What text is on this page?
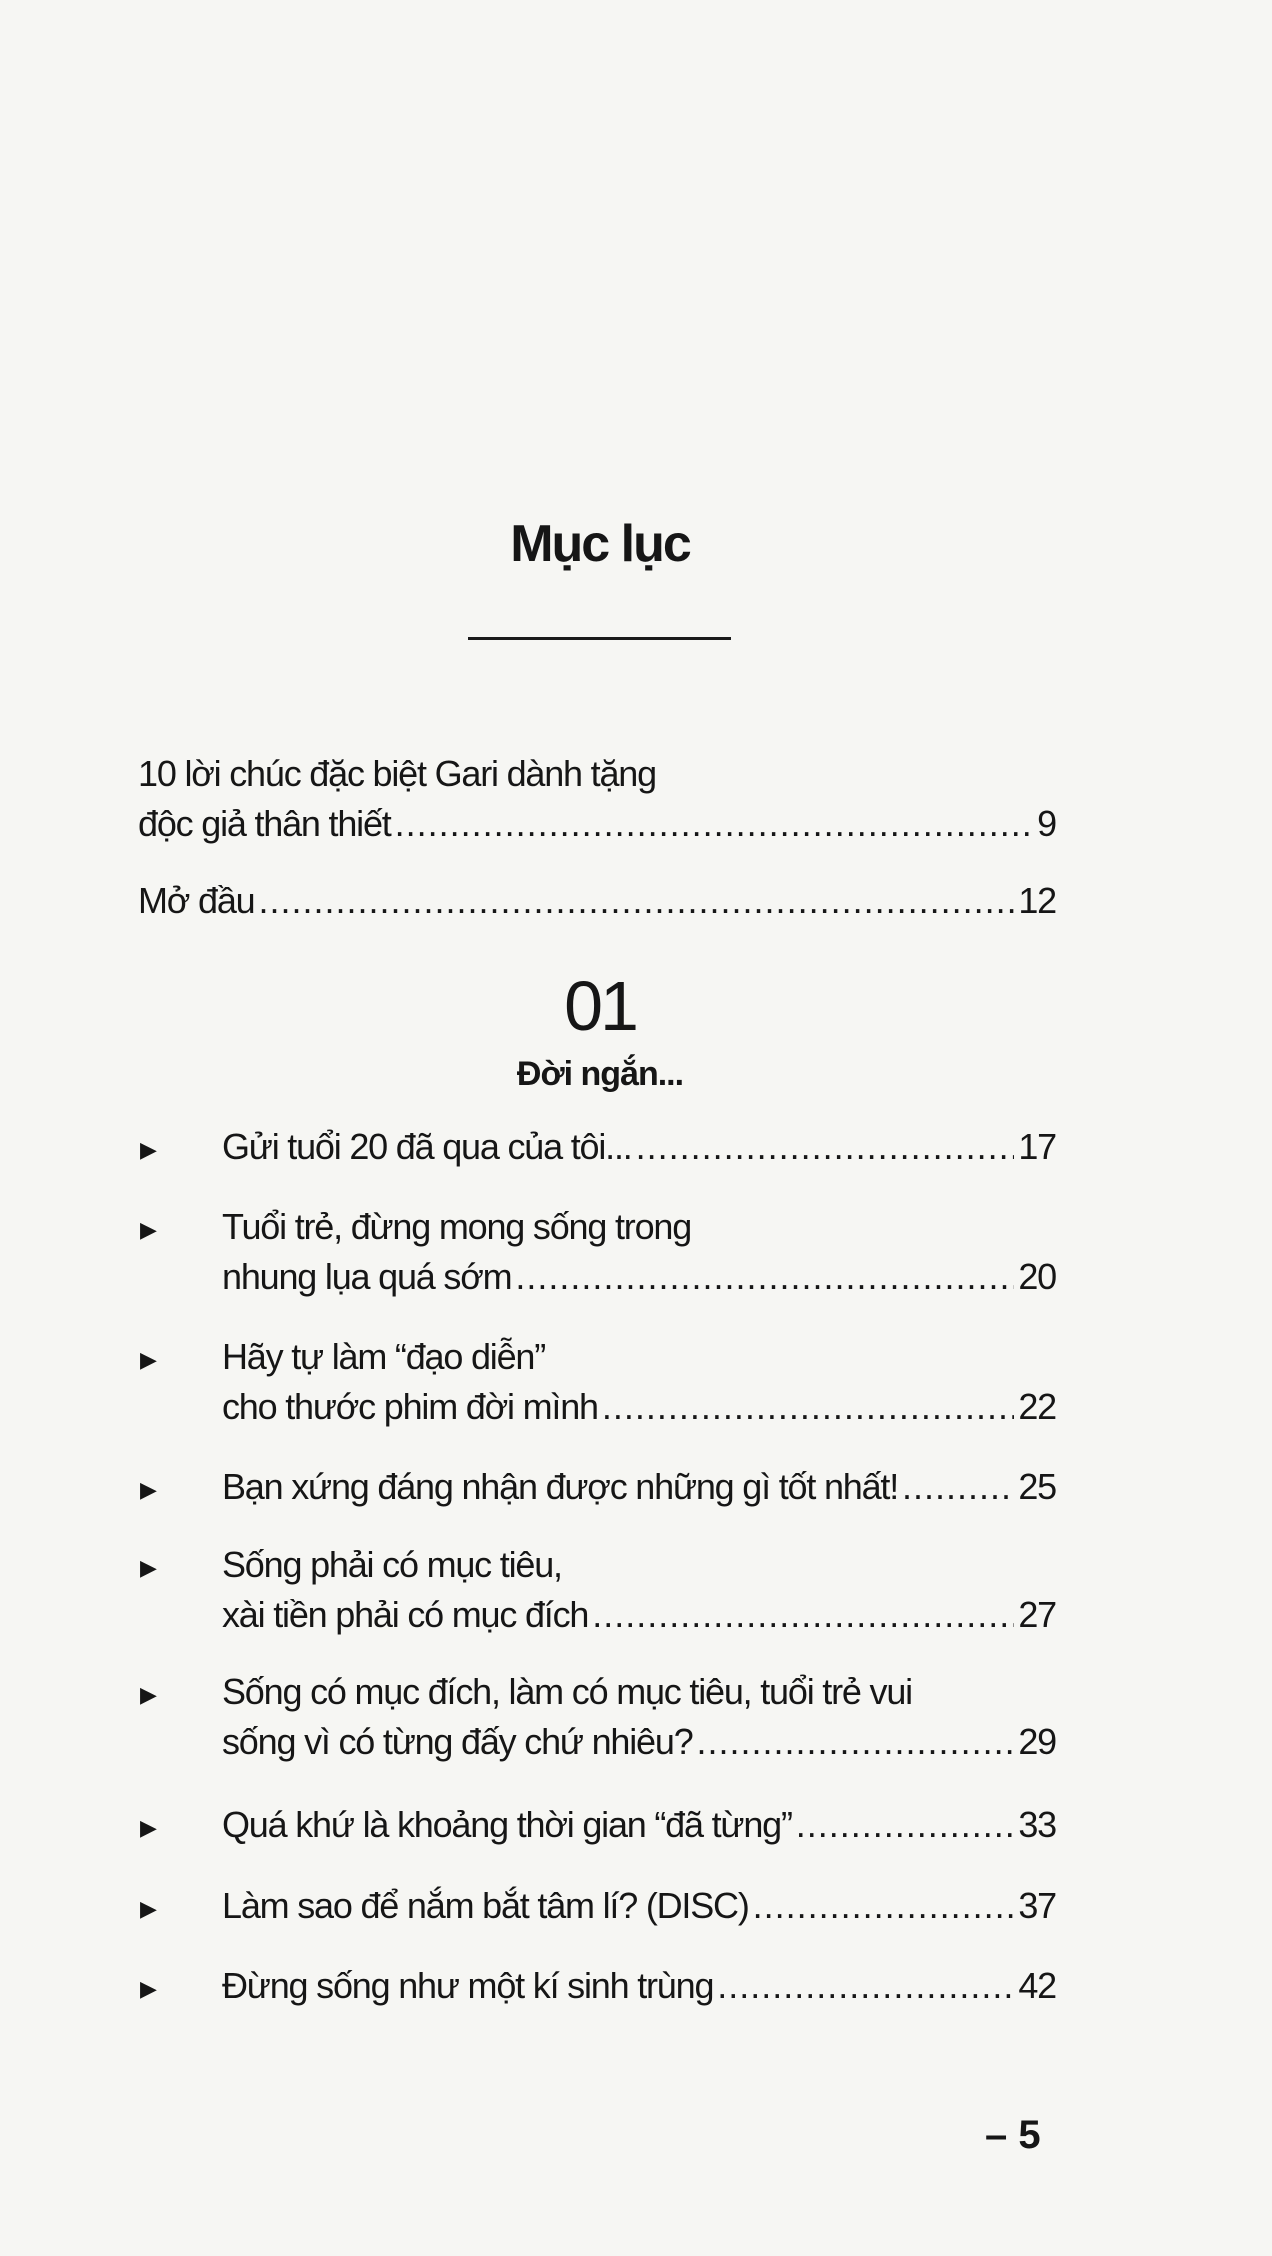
Mục lục
10 lời chúc đặc biệt Gari dành tặng
độc giả thân thiết .....	9
Mở đầu .....	12
01
Đời ngắn...
Gửi tuổi 20 đã qua của tôi... .....	17
▶
Tuổi trẻ, đừng mong sống trong
nhung lụa quá sớm .....	20
▶
Hãy tự làm “đạo diễn”
cho thước phim đời mình .....	22
▶
Bạn xứng đáng nhận được những gì tốt nhất! .....	25
▶
Sống phải có mục tiêu,
xài tiền phải có mục đích .....	27
▶
Sống có mục đích, làm có mục tiêu, tuổi trẻ vui
sống vì có từng đấy chứ nhiêu? .....	29
▶
Quá khứ là khoảng thời gian “đã từng” .....	33
▶
Làm sao để nắm bắt tâm lí? (DISC) .....	37
▶
Đừng sống như một kí sinh trùng .....	42
▶
– 5
